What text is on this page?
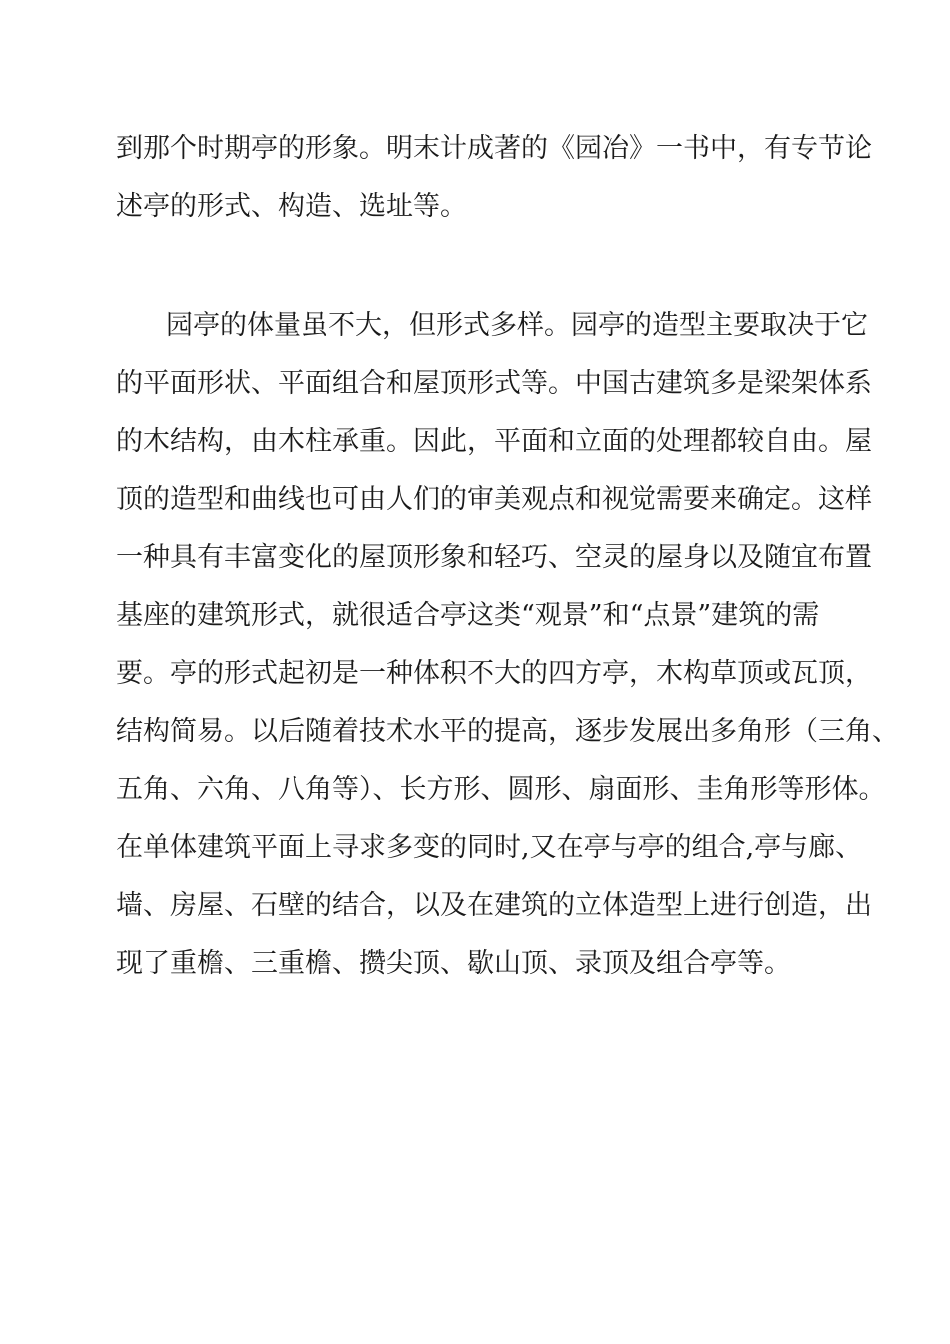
到那个时期亭的形象。明末计成著的《园冶》一书中，有专节论

述亭的形式、构造、选址等。

园亭的体量虽不大，但形式多样。园亭的造型主要取决于它

的平面形状、平面组合和屋顶形式等。中国古建筑多是梁架体系

的木结构，由木柱承重。因此，平面和立面的处理都较自由。屋

顶的造型和曲线也可由人们的审美观点和视觉需要来确定。这样

一种具有丰富变化的屋顶形象和轻巧、空灵的屋身以及随宜布置

基座的建筑形式，就很适合亭这类“观景”和“点景”建筑的需

要。亭的形式起初是一种体积不大的四方亭，木构草顶或瓦顶，

结构简易。以后随着技术水平的提高，逐步发展出多角形（三角、

五角、六角、八角等）、长方形、圆形、扇面形、圭角形等形体。

在单体建筑平面上寻求多变的同时,又在亭与亭的组合,亭与廊、

墙、房屋、石壁的结合，以及在建筑的立体造型上进行创造，出

现了重檐、三重檐、攒尖顶、歇山顶、录顶及组合亭等。
